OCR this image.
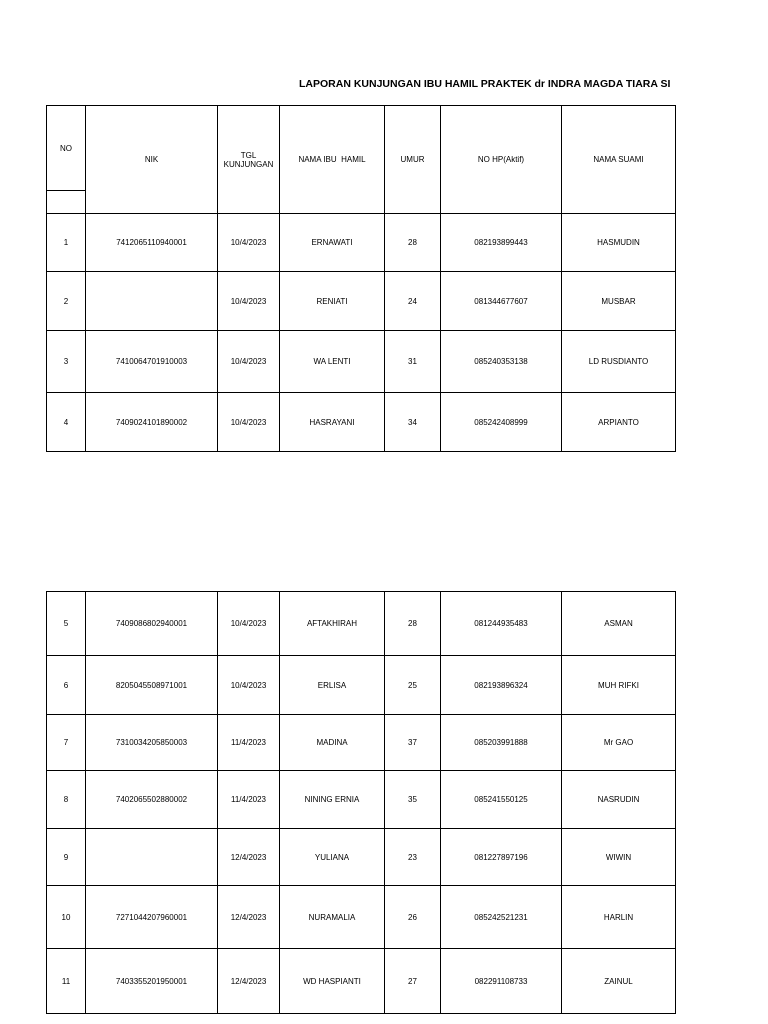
LAPORAN KUNJUNGAN IBU HAMIL PRAKTEK dr INDRA MAGDA TIARA SI
NO	NIK	TGL KUNJUNGAN	NAMA IBU  HAMIL	UMUR	NO HP(Aktif)	NAMA SUAMI

1	7412065110940001	10/4/2023	ERNAWATI	28	082193899443	HASMUDIN
2		10/4/2023	RENIATI	24	081344677607	MUSBAR
3	7410064701910003	10/4/2023	WA LENTI	31	085240353138	LD RUSDIANTO
4	7409024101890002	10/4/2023	HASRAYANI	34	085242408999	ARPIANTO
5	7409086802940001	10/4/2023	AFTAKHIRAH	28	081244935483	ASMAN
6	8205045508971001	10/4/2023	ERLISA	25	082193896324	MUH RIFKI
7	7310034205850003	11/4/2023	MADINA	37	085203991888	Mr GAO
8	7402065502880002	11/4/2023	NINING ERNIA	35	085241550125	NASRUDIN
9		12/4/2023	YULIANA	23	081227897196	WIWIN
10	7271044207960001	12/4/2023	NURAMALIA	26	085242521231	HARLIN
11	7403355201950001	12/4/2023	WD HASPIANTI	27	082291108733	ZAINUL
